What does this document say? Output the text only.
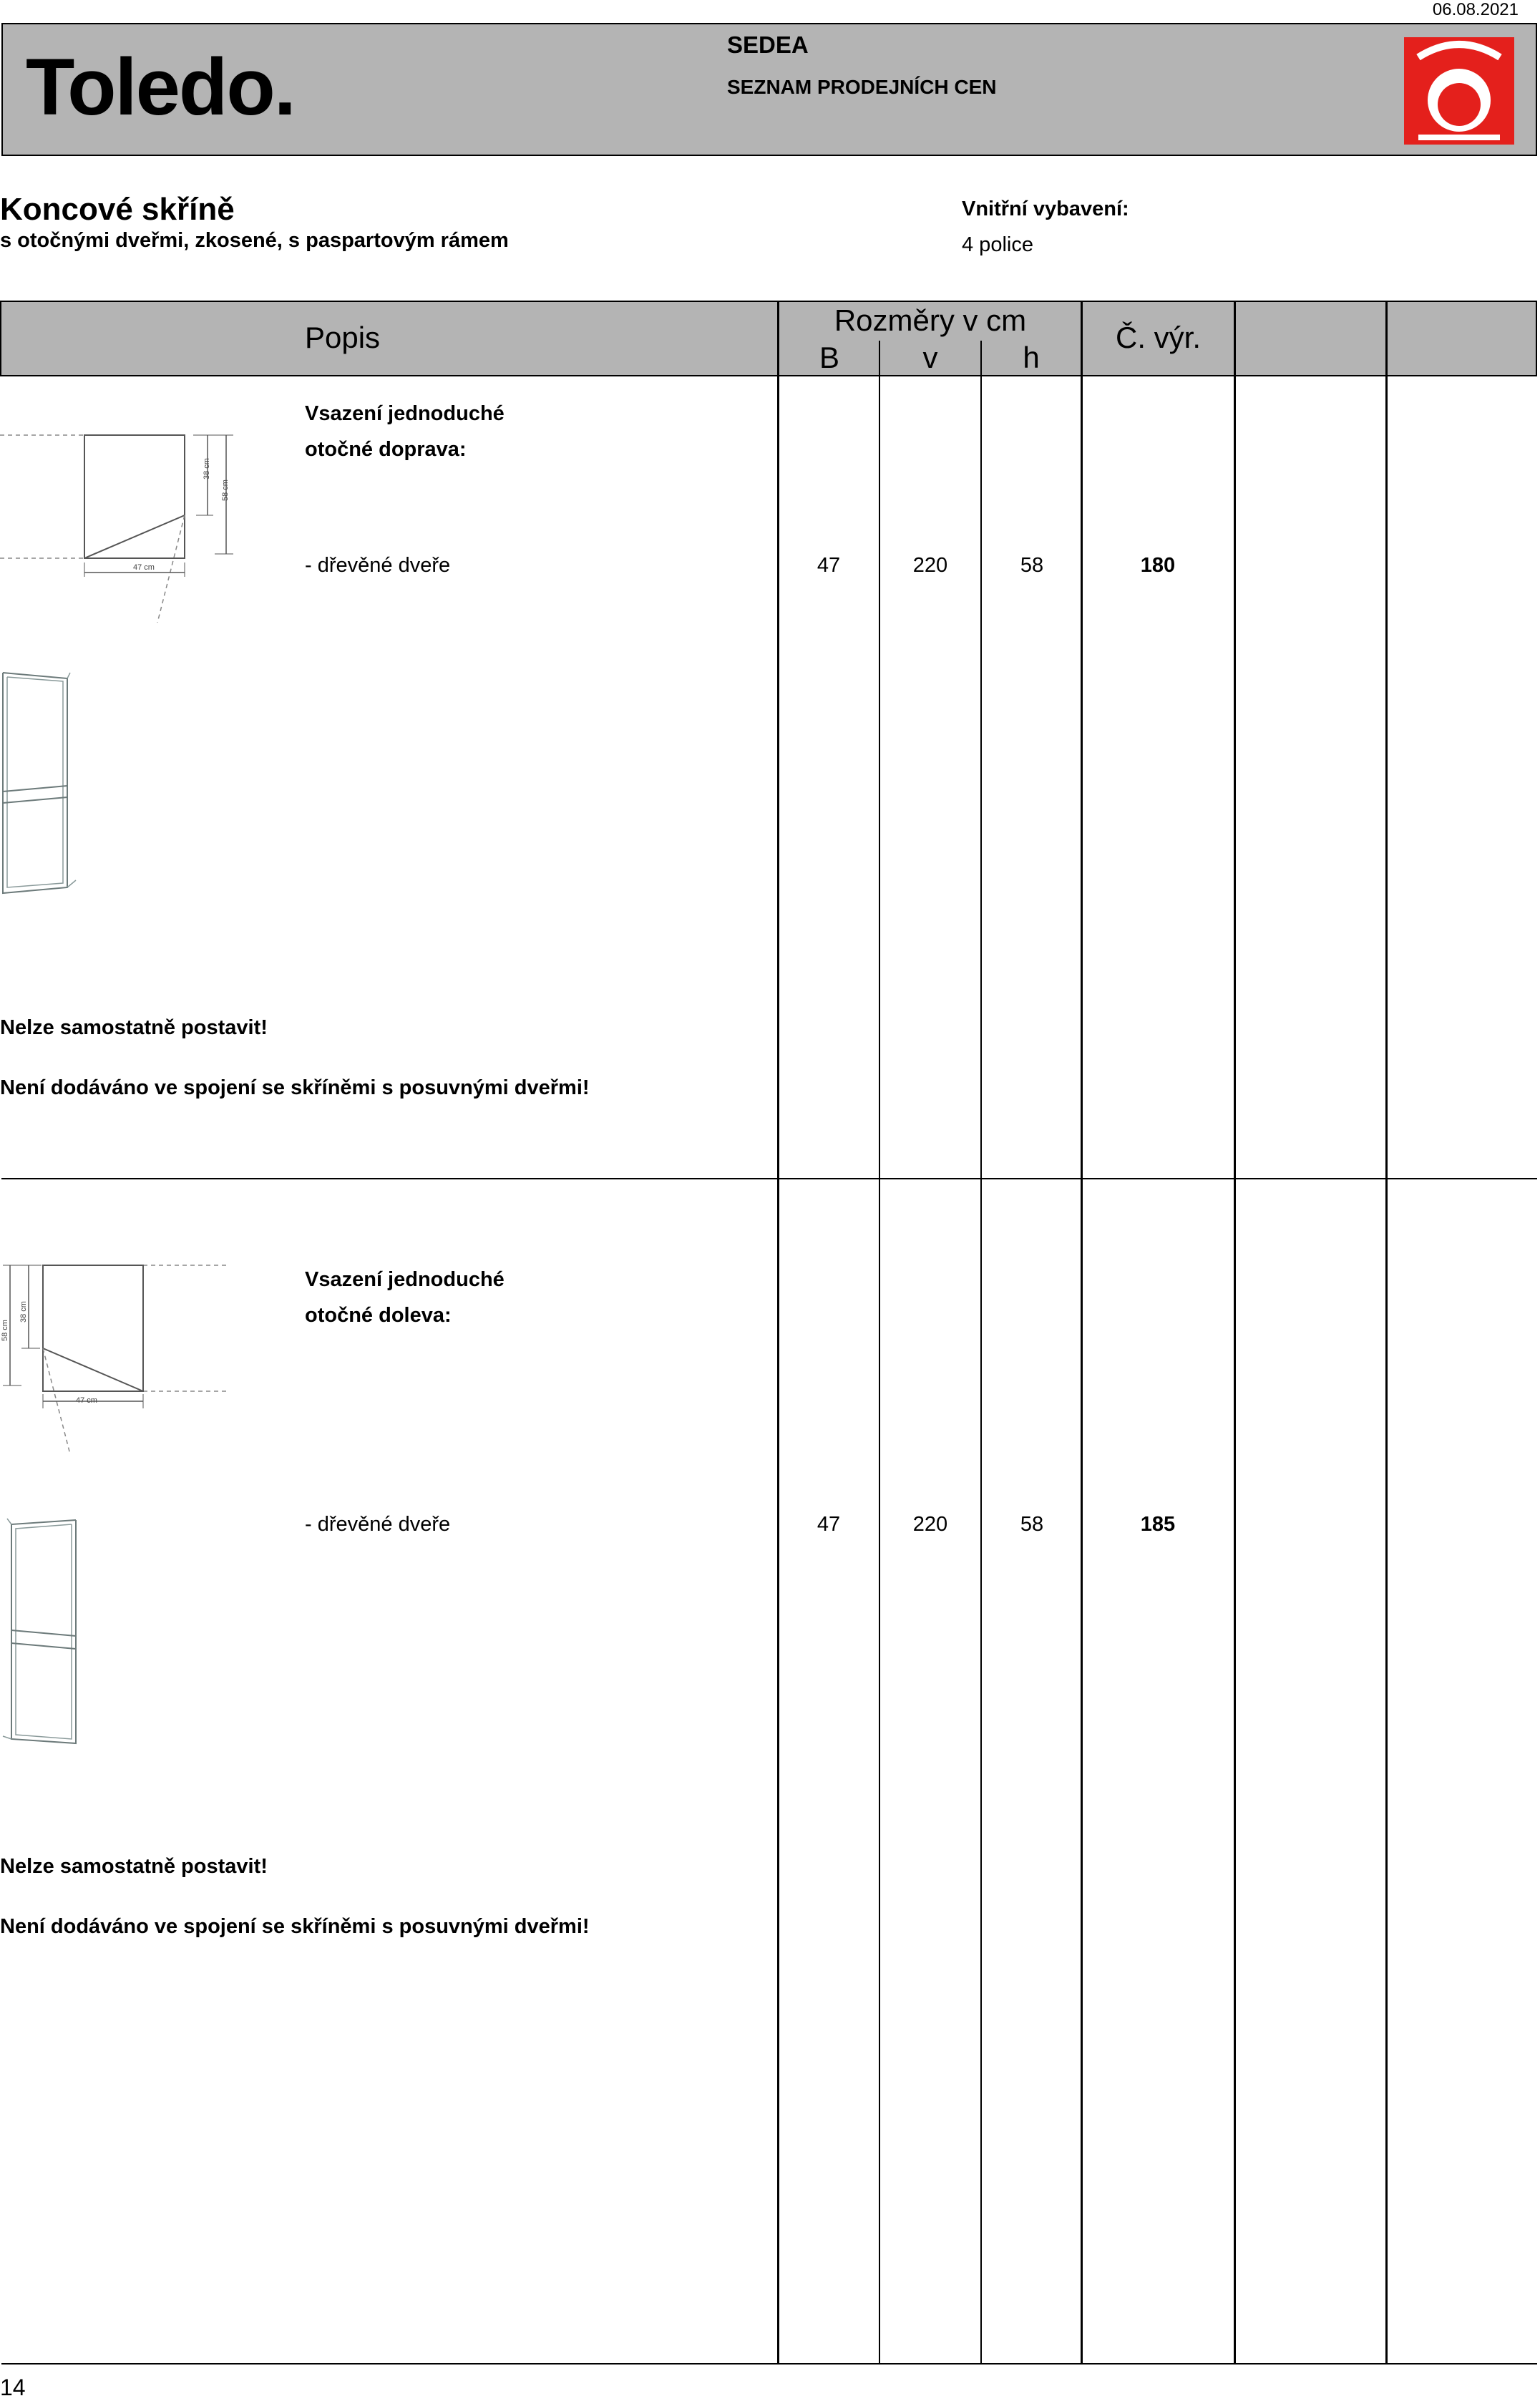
06.08.2021
Toledo.	SEDEA
SEZNAM PRODEJNÍCH CEN
Koncové skříně
s otočnými dveřmi, zkosené, s paspartovým rámem
Vnitřní vybavení:
4 police
Popis
Rozměry v cm
B	v	h
Č. výr.
38 cm
58 cm
47 cm
Vsazení jednoduché
otočné doprava:
- dřevěné dveře	47	220	58	180
Nelze samostatně postavit!
Není dodáváno ve spojení se skříněmi s posuvnými dveřmi!
58 cm
38 cm
47 cm
Vsazení jednoduché
otočné doleva:
- dřevěné dveře	47	220	58	185
Nelze samostatně postavit!
Není dodáváno ve spojení se skříněmi s posuvnými dveřmi!
14
